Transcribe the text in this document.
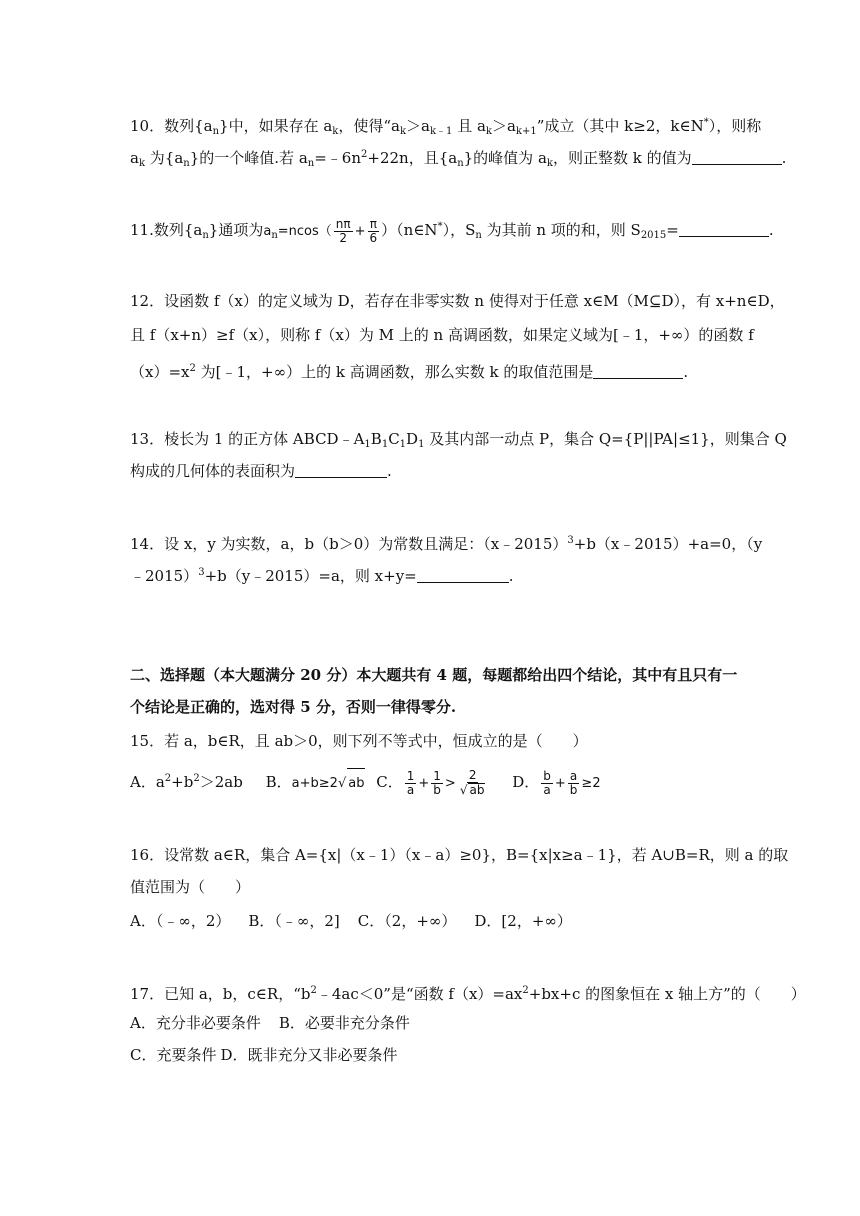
10．数列$\{a_n\}$中，如果存在 $a_k$，使得“$a_k>a_{k﹣1}$ 且 $a_k>a_{k+1}$”成立（其中 k≥2，k∈N*），则称
$a_k$ 为$\{a_n\}$的一个峰值.若 $a_n=﹣6n^2+22n$，且$\{a_n\}$的峰值为 $a_k$，则正整数 k 的值为	.
11.数列$\{a_n\}$通项为$a_n=ncos( \frac{n\pi}{2} + \frac{\pi}{6}$ ）（n∈N*），$S_n$ 为其前 n 项的和，则 $S_{2015}=$	.
12．设函数 f（x）的定义域为 D，若存在非零实数 n 使得对于任意 x∈M（M⊆D），有 x+n∈D，
且 f（x+n）≥f（x），则称 f（x）为 M 上的 n 高调函数，如果定义域为[﹣1，+∞）的函数 f
$(x)=x^2$ 为[﹣1，+∞）上的 k 高调函数，那么实数 k 的取值范围是	.
13．棱长为 1 的正方体 $ABCD﹣A_1B_1C_1D_1$ 及其内部一动点 P，集合 Q={P||PA|≤1}，则集合 Q
构成的几何体的表面积为	.
14．设 x，y 为实数，a，b（b＞0）为常数且满足：（x﹣2015）$^3$+b（x﹣2015）+a=0，（y
﹣2015）$^3$+b（y﹣2015）=a，则 x+y=	.
二、选择题（本大题满分 20 分）本大题共有 4 题，每题都给出四个结论，其中有且只有一
个结论是正确的，选对得 5 分，否则一律得零分.
15．若 a，b∈R，且 ab＞0，则下列不等式中，恒成立的是（　　）
A．$a^2+b^2>2ab$ B．a+b≥2√ ab C． $\frac{1}{a} + \frac{1}{b} > \frac{2}{√ ab}$ D． $\frac{b}{a} + \frac{a}{b} \ge 2$
16．设常数 a∈R，集合 A={x|（x﹣1）（x﹣a）≥0}，B={x|x≥a﹣1}，若 A∪B=R，则 a 的取
值范围为（　　）
A．（﹣∞，2） B．（﹣∞，2] C．（2，+∞） D．[2，+∞）
17．已知 a，b，c∈R，“$b^2﹣4ac<0$”是“函数 $f(x)=ax^2+bx+c$ 的图象恒在 x 轴上方”的（　　）
A．充分非必要条件 B．必要非充分条件
C．充要条件 D．既非充分又非必要条件
